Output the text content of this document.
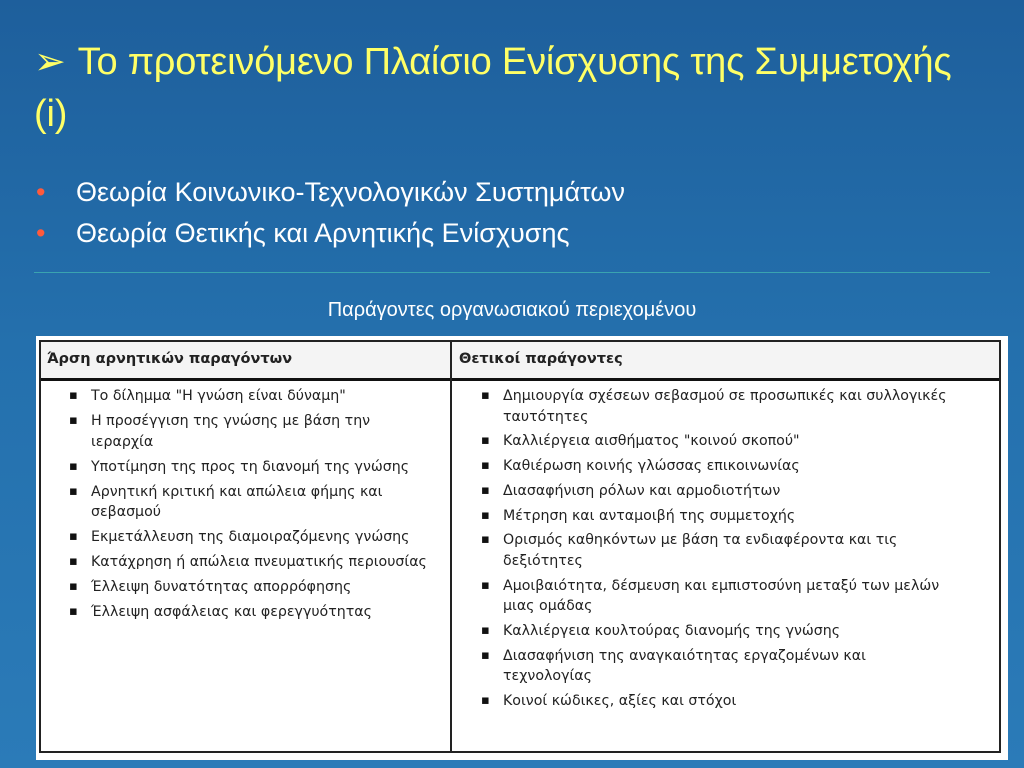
➢ Το προτεινόμενο Πλαίσιο Ενίσχυσης της Συμμετοχής (i)
• Θεωρία Κοινωνικο-Τεχνολογικών Συστημάτων
• Θεωρία Θετικής και Αρνητικής Ενίσχυσης
Παράγοντες οργανωσιακού περιεχομένου
Άρση αρνητικών παραγόντων	Θετικοί παράγοντες
▪ Το δίλημμα "Η γνώση είναι δύναμη"
▪ Η προσέγγιση της γνώσης με βάση την ιεραρχία
▪ Υποτίμηση της προς τη διανομή της γνώσης
▪ Αρνητική κριτική και απώλεια φήμης και σεβασμού
▪ Εκμετάλλευση της διαμοιραζόμενης γνώσης
▪ Κατάχρηση ή απώλεια πνευματικής περιουσίας
▪ Έλλειψη δυνατότητας απορρόφησης
▪ Έλλειψη ασφάλειας και φερεγγυότητας
▪ Δημιουργία σχέσεων σεβασμού σε προσωπικές και συλλογικές ταυτότητες
▪ Καλλιέργεια αισθήματος "κοινού σκοπού"
▪ Καθιέρωση κοινής γλώσσας επικοινωνίας
▪ Διασαφήνιση ρόλων και αρμοδιοτήτων
▪ Μέτρηση και ανταμοιβή της συμμετοχής
▪ Ορισμός καθηκόντων με βάση τα ενδιαφέροντα και τις δεξιότητες
▪ Αμοιβαιότητα, δέσμευση και εμπιστοσύνη μεταξύ των μελών μιας ομάδας
▪ Καλλιέργεια κουλτούρας διανομής της γνώσης
▪ Διασαφήνιση της αναγκαιότητας εργαζομένων και τεχνολογίας
▪ Κοινοί κώδικες, αξίες και στόχοι
